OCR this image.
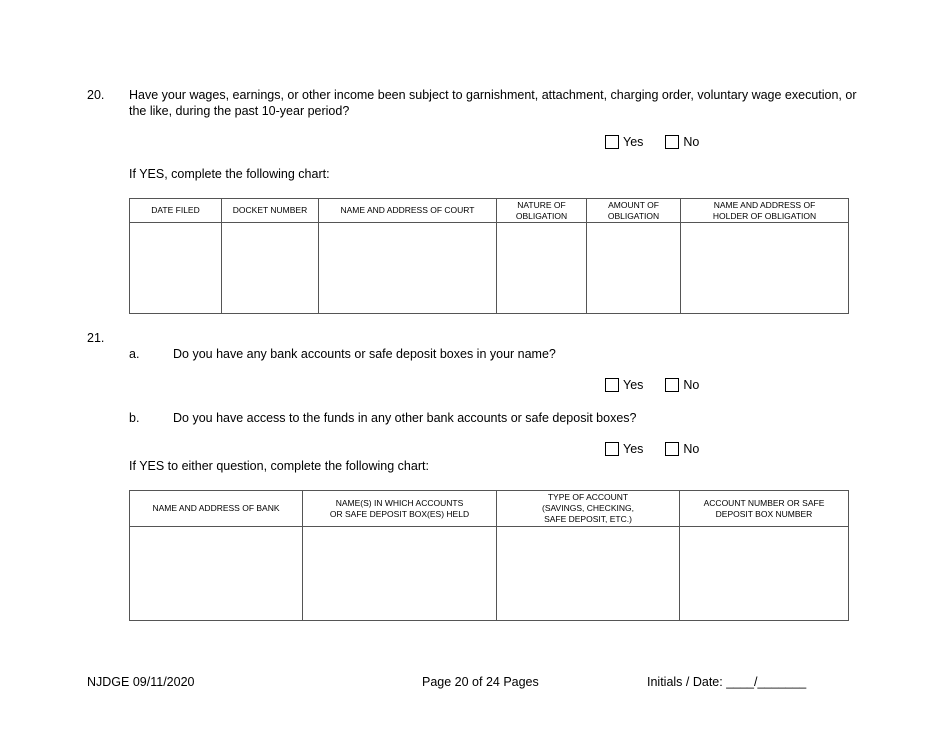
20. Have your wages, earnings, or other income been subject to garnishment, attachment, charging order, voluntary wage execution, or the like, during the past 10-year period?
Yes	No
If YES, complete the following chart:
DATE FILED	DOCKET NUMBER	NAME AND ADDRESS OF COURT	NATURE OF OBLIGATION	AMOUNT OF OBLIGATION	NAME AND ADDRESS OF HOLDER OF OBLIGATION

21.
a.	Do you have any bank accounts or safe deposit boxes in your name?
Yes	No
b.	Do you have access to the funds in any other bank accounts or safe deposit boxes?
Yes	No
If YES to either question, complete the following chart:
NAME AND ADDRESS OF BANK	NAME(S) IN WHICH ACCOUNTS OR SAFE DEPOSIT BOX(ES) HELD	TYPE OF ACCOUNT (SAVINGS, CHECKING, SAFE DEPOSIT, ETC.)	ACCOUNT NUMBER OR SAFE DEPOSIT BOX NUMBER

NJDGE 09/11/2020	Page 20 of 24 Pages	Initials / Date: ____/_______
